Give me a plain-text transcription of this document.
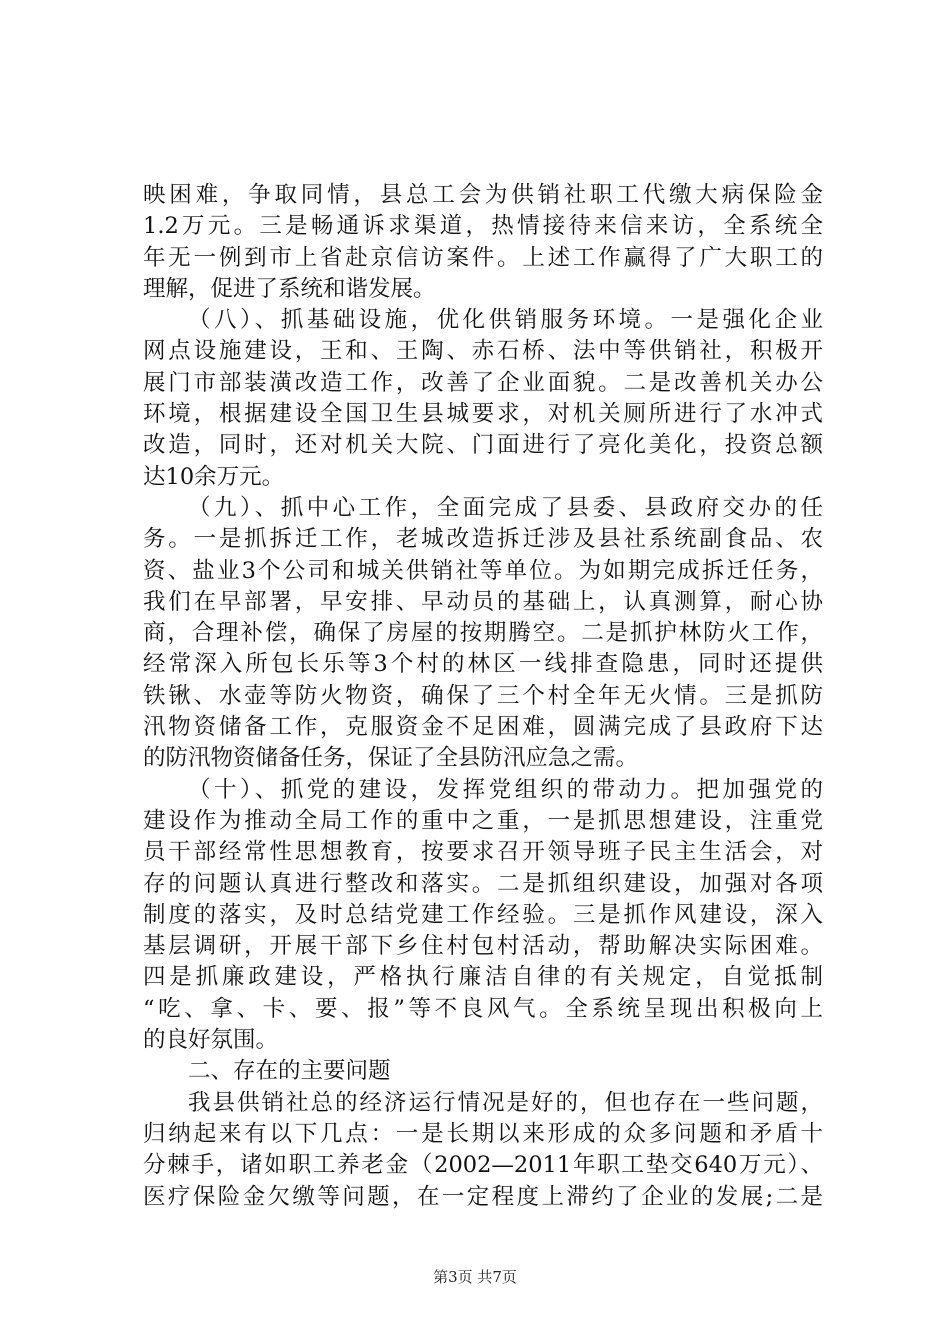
映困难，争取同情，县总工会为供销社职工代缴大病保险金
1.2万元。三是畅通诉求渠道，热情接待来信来访，全系统全
年无一例到市上省赴京信访案件。上述工作赢得了广大职工的
理解，促进了系统和谐发展。
（八）、抓基础设施，优化供销服务环境。一是强化企业
网点设施建设，王和、王陶、赤石桥、法中等供销社，积极开
展门市部装潢改造工作，改善了企业面貌。二是改善机关办公
环境，根据建设全国卫生县城要求，对机关厕所进行了水冲式
改造，同时，还对机关大院、门面进行了亮化美化，投资总额
达10余万元。
（九）、抓中心工作，全面完成了县委、县政府交办的任
务。一是抓拆迁工作，老城改造拆迁涉及县社系统副食品、农
资、盐业3个公司和城关供销社等单位。为如期完成拆迁任务，
我们在早部署，早安排、早动员的基础上，认真测算，耐心协
商，合理补偿，确保了房屋的按期腾空。二是抓护林防火工作，
经常深入所包长乐等3个村的林区一线排查隐患，同时还提供
铁锹、水壶等防火物资，确保了三个村全年无火情。三是抓防
汛物资储备工作，克服资金不足困难，圆满完成了县政府下达
的防汛物资储备任务，保证了全县防汛应急之需。
（十）、抓党的建设，发挥党组织的带动力。把加强党的
建设作为推动全局工作的重中之重，一是抓思想建设，注重党
员干部经常性思想教育，按要求召开领导班子民主生活会，对
存的问题认真进行整改和落实。二是抓组织建设，加强对各项
制度的落实，及时总结党建工作经验。三是抓作风建设，深入
基层调研，开展干部下乡住村包村活动，帮助解决实际困难。
四是抓廉政建设，严格执行廉洁自律的有关规定，自觉抵制
“吃、拿、卡、要、报”等不良风气。全系统呈现出积极向上
的良好氛围。
二、存在的主要问题
我县供销社总的经济运行情况是好的，但也存在一些问题，
归纳起来有以下几点：一是长期以来形成的众多问题和矛盾十
分棘手，诸如职工养老金（2002—2011年职工垫交640万元）、
医疗保险金欠缴等问题，在一定程度上滞约了企业的发展;二是
第3页 共7页
